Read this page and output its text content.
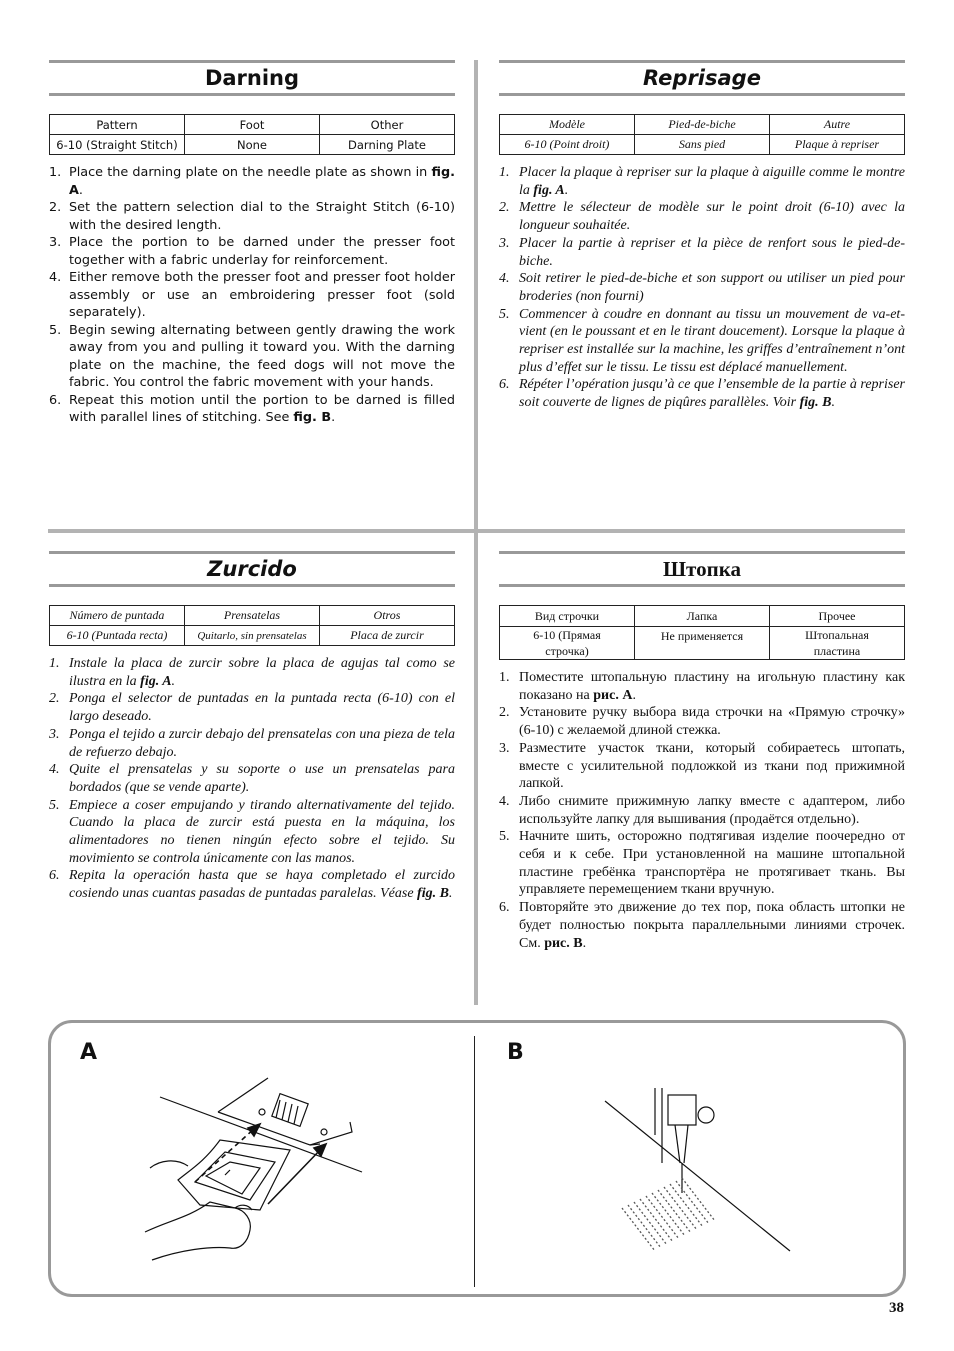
Darning
Pattern	Foot	Other
6-10 (Straight Stitch)	None	Darning Plate
1. Place the darning plate on the needle plate as shown in fig. A.
2. Set the pattern selection dial to the Straight Stitch (6-10) with the desired length.
3. Place the portion to be darned under the presser foot together with a fabric underlay for reinforcement.
4. Either remove both the presser foot and presser foot holder assembly or use an embroidering presser foot (sold separately).
5. Begin sewing alternating between gently drawing the work away from you and pulling it toward you. With the darning plate on the machine, the feed dogs will not move the fabric. You control the fabric movement with your hands.
6. Repeat this motion until the portion to be darned is filled with parallel lines of stitching. See fig. B.
Reprisage
Modèle	Pied-de-biche	Autre
6-10 (Point droit)	Sans pied	Plaque à repriser
1. Placer la plaque à repriser sur la plaque à aiguille comme le montre la fig. A.
2. Mettre le sélecteur de modèle sur le point droit (6-10) avec la longueur souhaitée.
3. Placer la partie à repriser et la pièce de renfort sous le pied-de-biche.
4. Soit retirer le pied-de-biche et son support ou utiliser un pied pour broderies (non fourni)
5. Commencer à coudre en donnant au tissu un mouvement de va-et-vient (en le poussant et en le tirant doucement). Lorsque la plaque à repriser est installée sur la machine, les griffes d’entraînement n’ont plus d’effet sur le tissu. Le tissu est déplacé manuellement.
6. Répéter l’opération jusqu’à ce que l’ensemble de la partie à repriser soit couverte de lignes de piqûres parallèles. Voir fig. B.
Zurcido
Número de puntada	Prensatelas	Otros
6-10 (Puntada recta)	Quitarlo, sin prensatelas	Placa de zurcir
1. Instale la placa de zurcir sobre la placa de agujas tal como se ilustra en la fig. A.
2. Ponga el selector de puntadas en la puntada recta (6-10) con el largo deseado.
3. Ponga el tejido a zurcir debajo del prensatelas con una pieza de tela de refuerzo debajo.
4. Quite el prensatelas y su soporte o use un prensatelas para bordados (que se vende aparte).
5. Empiece a coser empujando y tirando alternativamente del tejido. Cuando la placa de zurcir está puesta en la máquina, los alimentadores no tienen ningún efecto sobre el tejido. Su movimiento se controla únicamente con las manos.
6. Repita la operación hasta que se haya completado el zurcido cosiendo unas cuantas pasadas de puntadas paralelas. Véase fig. B.
Штопка
Вид строчки	Лапка	Прочее
6-10 (Прямая строчка)	Не применяется	Штопальная пластина
1. Поместите штопальную пластину на игольную пластину как показано на рис. A.
2. Установите ручку выбора вида строчки на «Прямую строчку» (6-10) с желаемой длиной стежка.
3. Разместите участок ткани, который собираетесь штопать, вместе с усилительной подложкой из ткани под прижимной лапкой.
4. Либо снимите прижимную лапку вместе с адаптером, либо используйте лапку для вышивания (продаётся отдельно).
5. Начните шить, осторожно подтягивая изделие поочередно от себя и к себе. При установленной на машине штопальной пластине гребёнка транспортёра не протягивает ткань. Вы управляете перемещением ткани вручную.
6. Повторяйте это движение до тех пор, пока область штопки не будет полностью покрыта параллельными линиями строчек. См. рис. B.
A	B
38
